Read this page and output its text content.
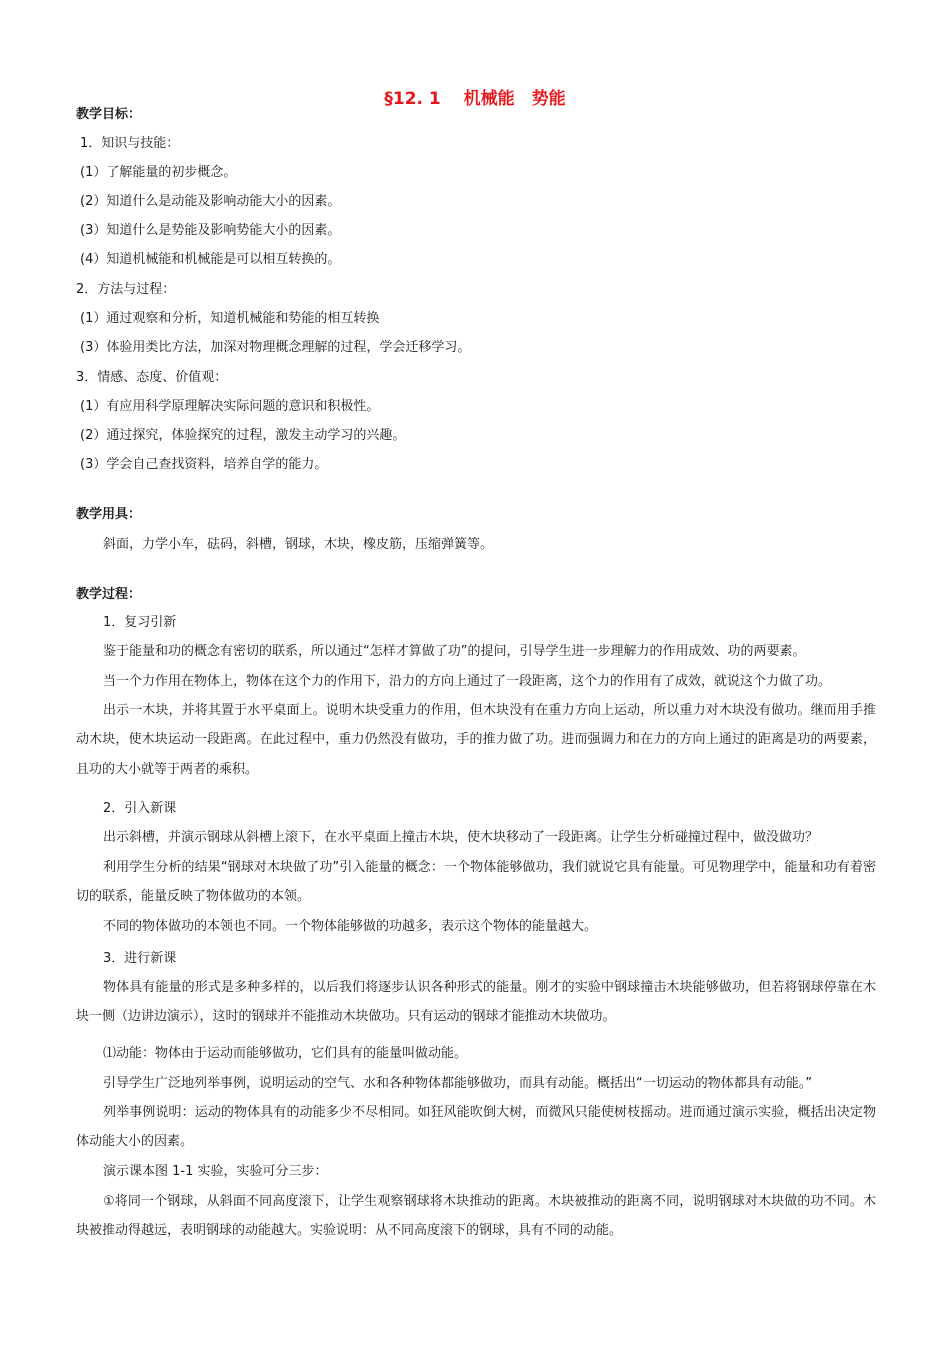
§12. 1　 机械能　势能
教学目标：
1．知识与技能：
(1）了解能量的初步概念。
(2）知道什么是动能及影响动能大小的因素。
(3）知道什么是势能及影响势能大小的因素。
(4）知道机械能和机械能是可以相互转换的。
2．方法与过程：
(1）通过观察和分析，知道机械能和势能的相互转换
(3）体验用类比方法，加深对物理概念理解的过程，学会迁移学习。
3．情感、态度、价值观：
(1）有应用科学原理解决实际问题的意识和积极性。
(2）通过探究，体验探究的过程，激发主动学习的兴趣。
(3）学会自己查找资料，培养自学的能力。
教学用具：
斜面，力学小车，砝码，斜槽，钢球，木块，橡皮筋，压缩弹簧等。
教学过程：
1．复习引新
鉴于能量和功的概念有密切的联系，所以通过“怎样才算做了功”的提问，引导学生进一步理解力的作用成效、功的两要素。
当一个力作用在物体上，物体在这个力的作用下，沿力的方向上通过了一段距离，这个力的作用有了成效，就说这个力做了功。
出示一木块，并将其置于水平桌面上。说明木块受重力的作用，但木块没有在重力方向上运动，所以重力对木块没有做功。继而用手推动木块，使木块运动一段距离。在此过程中，重力仍然没有做功，手的推力做了功。进而强调力和在力的方向上通过的距离是功的两要素，且功的大小就等于两者的乘积。
2．引入新课
出示斜槽，并演示钢球从斜槽上滚下，在水平桌面上撞击木块，使木块移动了一段距离。让学生分析碰撞过程中，做没做功？
利用学生分析的结果“钢球对木块做了功”引入能量的概念：一个物体能够做功，我们就说它具有能量。可见物理学中，能量和功有着密切的联系，能量反映了物体做功的本领。
不同的物体做功的本领也不同。一个物体能够做的功越多，表示这个物体的能量越大。
3．进行新课
物体具有能量的形式是多种多样的，以后我们将逐步认识各种形式的能量。刚才的实验中钢球撞击木块能够做功，但若将钢球停靠在木块一侧（边讲边演示），这时的钢球并不能推动木块做功。只有运动的钢球才能推动木块做功。
⑴动能：物体由于运动而能够做功，它们具有的能量叫做动能。
引导学生广泛地列举事例，说明运动的空气、水和各种物体都能够做功，而具有动能。概括出“一切运动的物体都具有动能。”
列举事例说明：运动的物体具有的动能多少不尽相同。如狂风能吹倒大树，而微风只能使树枝摇动。进而通过演示实验，概括出决定物体动能大小的因素。
演示课本图 1-1 实验，实验可分三步：
①将同一个钢球，从斜面不同高度滚下，让学生观察钢球将木块推动的距离。木块被推动的距离不同，说明钢球对木块做的功不同。木块被推动得越远，表明钢球的动能越大。实验说明：从不同高度滚下的钢球，具有不同的动能。
